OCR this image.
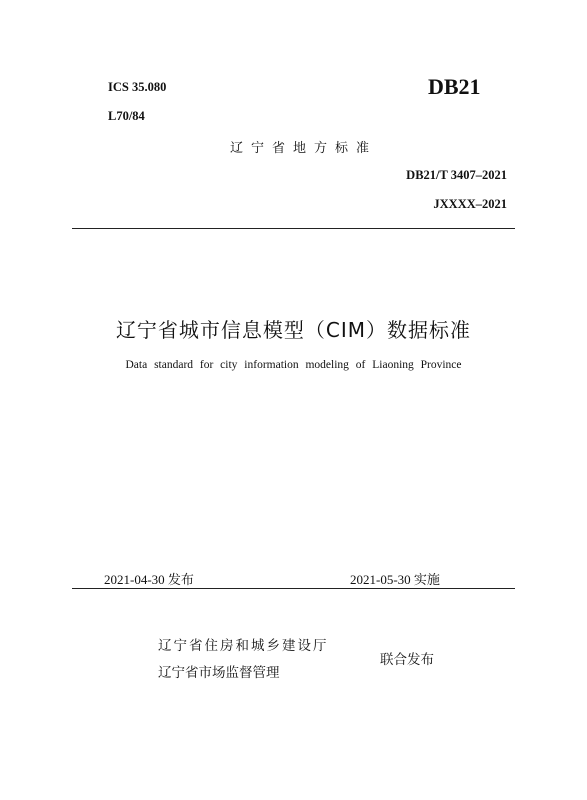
ICS 35.080
L70/84
DB21
辽宁省地方标准
DB21/T 3407–2021
JXXXX–2021
辽宁省城市信息模型（CIM）数据标准
Data standard for city information modeling of Liaoning Province
2021-04-30 发布	2021-05-30 实施
辽宁省住房和城乡建设厅
辽宁省市场监督管理
联合发布
